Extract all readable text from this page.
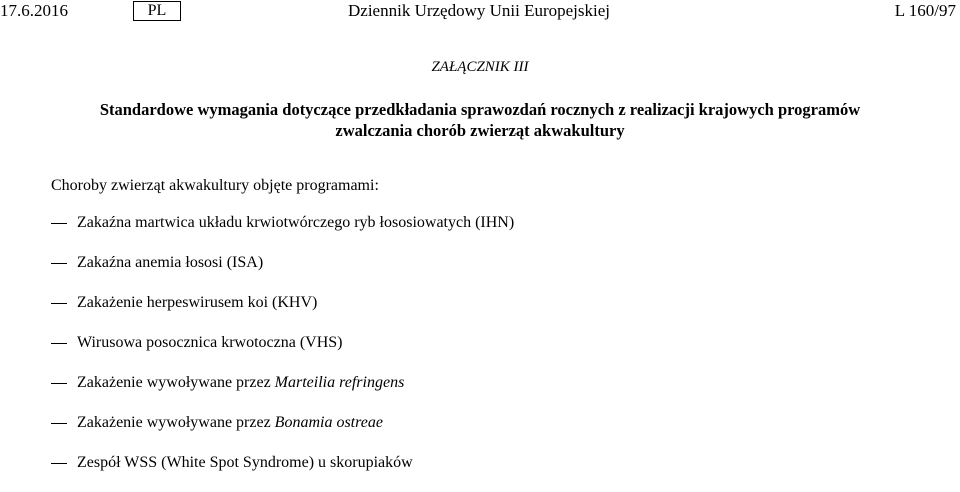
17.6.2016	PL	Dziennik Urzędowy Unii Europejskiej	L 160/97
ZAŁĄCZNIK III
Standardowe wymagania dotyczące przedkładania sprawozdań rocznych z realizacji krajowych programów zwalczania chorób zwierząt akwakultury
Choroby zwierząt akwakultury objęte programami:
Zakaźna martwica układu krwiotwórczego ryb łososiowatych (IHN)
Zakaźna anemia łososi (ISA)
Zakażenie herpeswirusem koi (KHV)
Wirusowa posocznica krwotoczna (VHS)
Zakażenie wywoływane przez Marteilia refringens
Zakażenie wywoływane przez Bonamia ostreae
Zespół WSS (White Spot Syndrome) u skorupiaków
